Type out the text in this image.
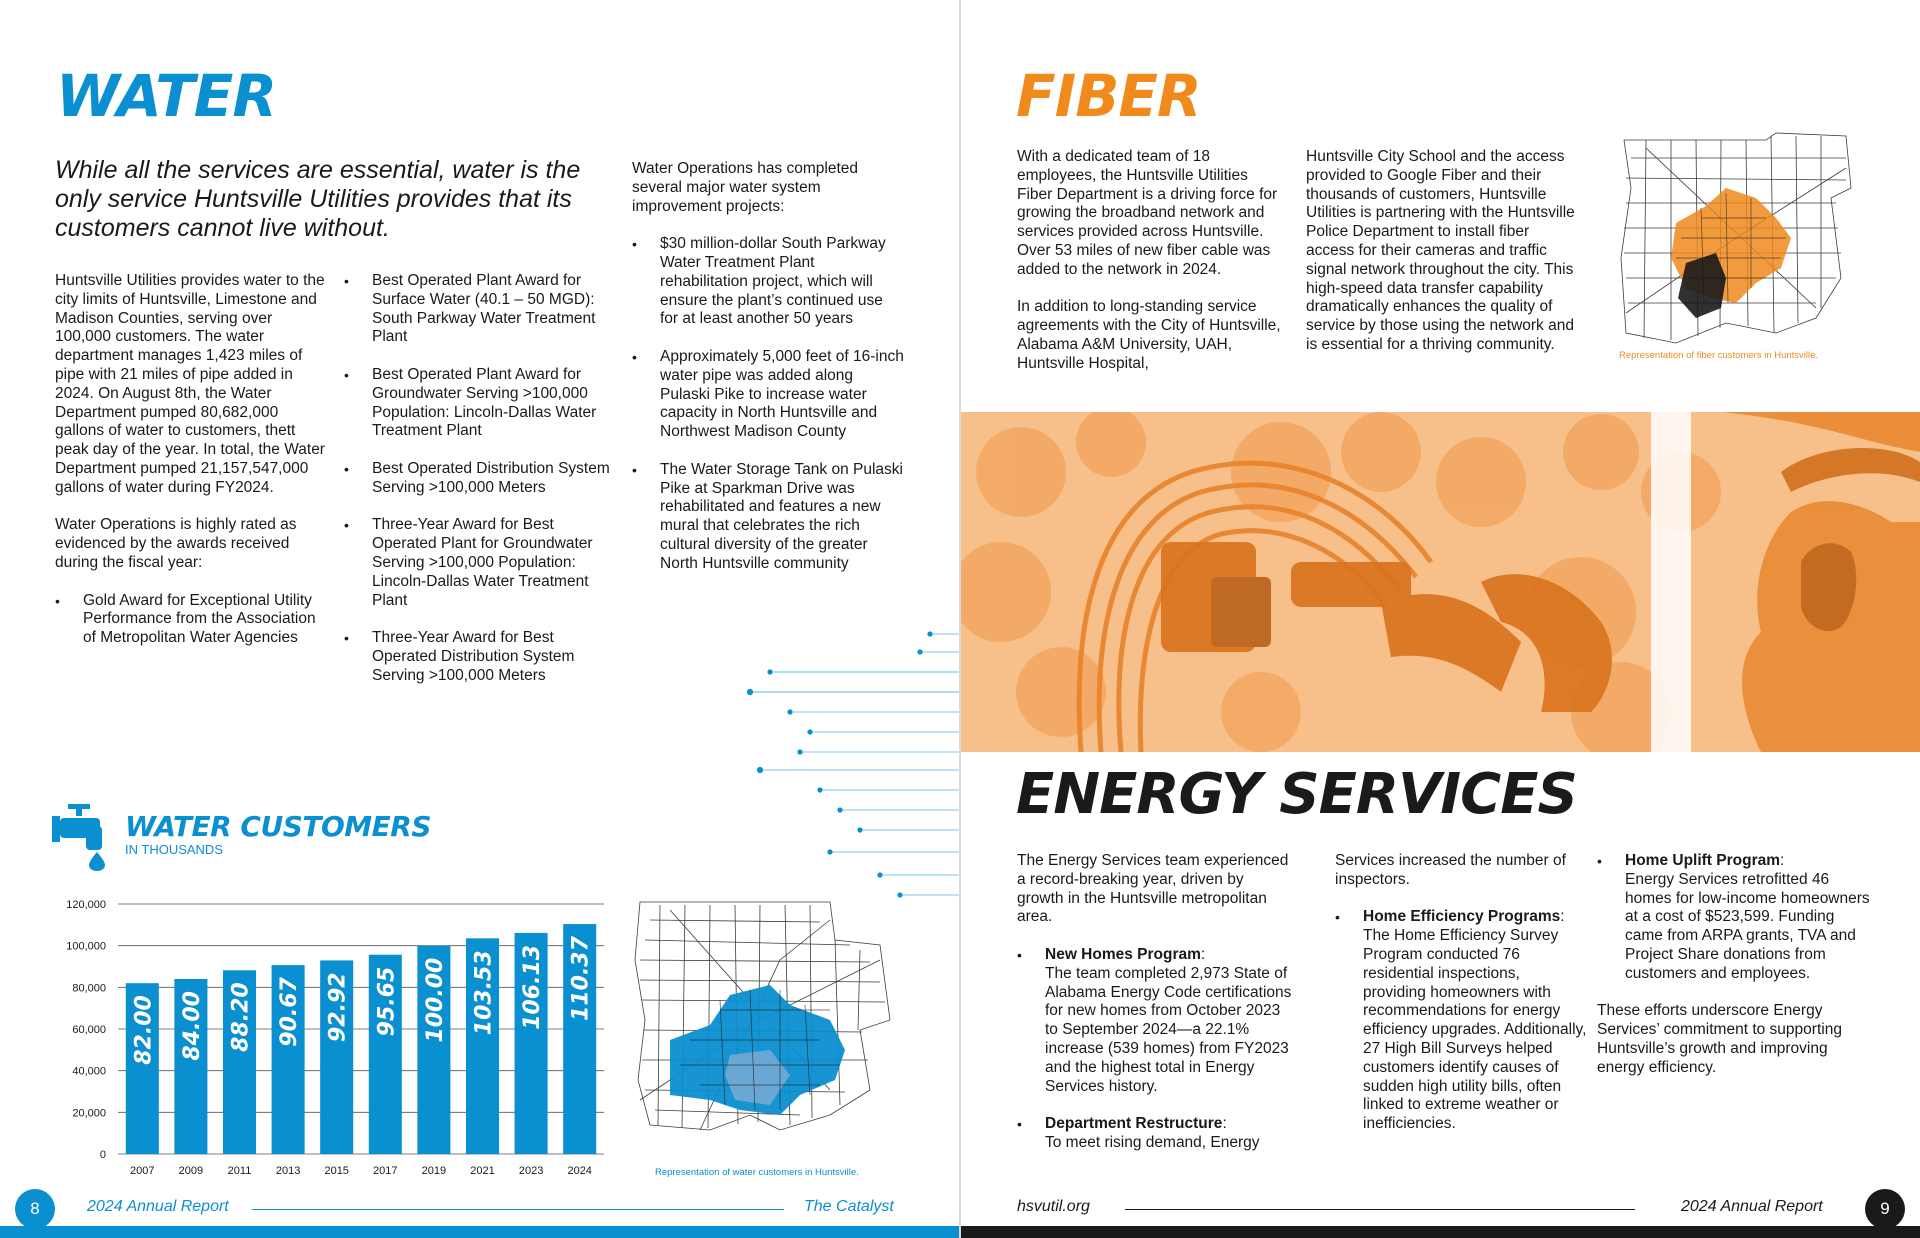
WATER

While all the services are essential, water is the only service Huntsville Utilities provides that its customers cannot live without.

Huntsville Utilities provides water to the city limits of Huntsville, Limestone and Madison Counties, serving over 100,000 customers. The water department manages 1,423 miles of pipe with 21 miles of pipe added in 2024. On August 8th, the Water Department pumped 80,682,000 gallons of water to customers, thett peak day of the year. In total, the Water Department pumped 21,157,547,000 gallons of water during FY2024.

Water Operations is highly rated as evidenced by the awards received during the fiscal year:

• Gold Award for Exceptional Utility Performance from the Association of Metropolitan Water Agencies
• Best Operated Plant Award for Surface Water (40.1 – 50 MGD): South Parkway Water Treatment Plant
• Best Operated Plant Award for Groundwater Serving >100,000 Population: Lincoln-Dallas Water Treatment Plant
• Best Operated Distribution System Serving >100,000 Meters
• Three-Year Award for Best Operated Plant for Groundwater Serving >100,000 Population: Lincoln-Dallas Water Treatment Plant
• Three-Year Award for Best Operated Distribution System Serving >100,000 Meters

Water Operations has completed several major water system improvement projects:

• $30 million-dollar South Parkway Water Treatment Plant rehabilitation project, which will ensure the plant’s continued use for at least another 50 years
• Approximately 5,000 feet of 16-inch water pipe was added along Pulaski Pike to increase water capacity in North Huntsville and Northwest Madison County
• The Water Storage Tank on Pulaski Pike at Sparkman Drive was rehabilitated and features a new mural that celebrates the rich cultural diversity of the greater North Huntsville community
WATER CUSTOMERS
IN THOUSANDS
0
20,000
40,000
60,000
80,000
100,000
120,000
82.00
2007
84.00
2009
88.20
2011
90.67
2013
92.92
2015
95.65
2017
100.00
2019
103.53
2021
106.13
2023
110.37
2024	Representation of water customers in Huntsville.
8	2024 Annual Report	The Catalyst
FIBER

With a dedicated team of 18 employees, the Huntsville Utilities Fiber Department is a driving force for growing the broadband network and services provided across Huntsville. Over 53 miles of new fiber cable was added to the network in 2024.

In addition to long-standing service agreements with the City of Huntsville, Alabama A&M University, UAH, Huntsville Hospital,

Huntsville City School and the access provided to Google Fiber and their thousands of customers, Huntsville Utilities is partnering with the Huntsville Police Department to install fiber access for their cameras and traffic signal network throughout the city. This high-speed data transfer capability dramatically enhances the quality of service by those using the network and is essential for a thriving community.

Representation of fiber customers in Huntsville.
ENERGY SERVICES

The Energy Services team experienced a record-breaking year, driven by growth in the Huntsville metropolitan area.

• New Homes Program:
The team completed 2,973 State of Alabama Energy Code certifications for new homes from October 2023 to September 2024—a 22.1% increase (539 homes) from FY2023 and the highest total in Energy Services history.
• Department Restructure:
To meet rising demand, Energy

Services increased the number of inspectors.

• Home Efficiency Programs:
The Home Efficiency Survey Program conducted 76 residential inspections, providing homeowners with recommendations for energy efficiency upgrades. Additionally, 27 High Bill Surveys helped customers identify causes of sudden high utility bills, often linked to extreme weather or inefficiencies.
• Home Uplift Program:
Energy Services retrofitted 46 homes for low-income homeowners at a cost of $523,599. Funding came from ARPA grants, TVA and Project Share donations from customers and employees.

These efforts underscore Energy Services’ commitment to supporting Huntsville’s growth and improving energy efficiency.

hsvutil.org	2024 Annual Report	9
